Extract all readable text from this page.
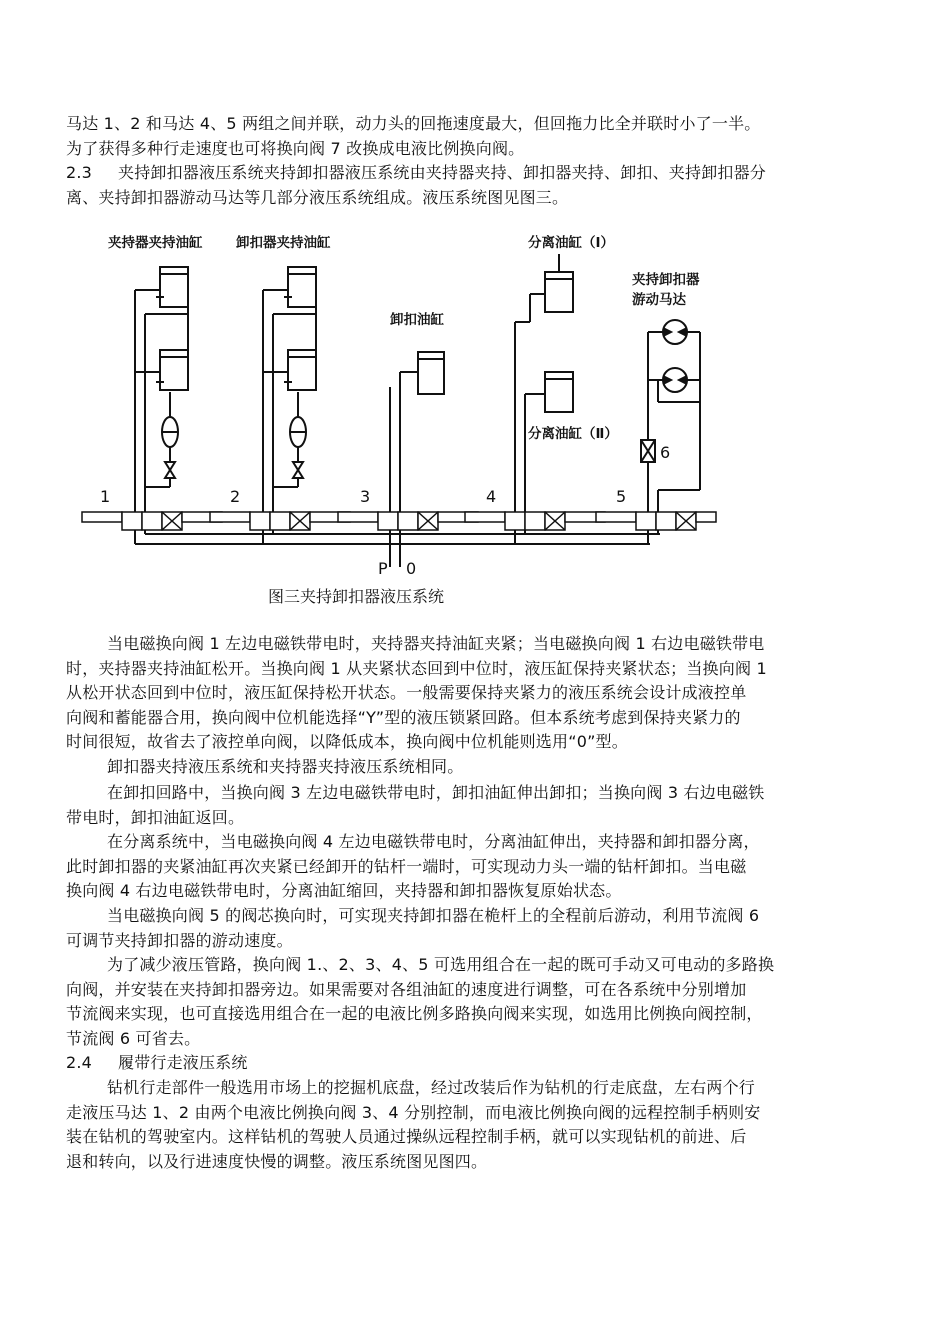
马达 1、2 和马达 4、5 两组之间并联，动力头的回拖速度最大，但回拖力比全并联时小了一半。
为了获得多种行走速度也可将换向阀 7 改换成电液比例换向阀。

2.3 夹持卸扣器液压系统夹持卸扣器液压系统由夹持器夹持、卸扣器夹持、卸扣、夹持卸扣器分
离、夹持卸扣器游动马达等几部分液压系统组成。液压系统图见图三。

夹持器夹持油缸 卸扣器夹持油缸
卸扣油缸
分离油缸（Ⅰ）
分离油缸（Ⅱ）
夹持卸扣器
游动马达
1	2	3	4	5
6
P 0

图三夹持卸扣器液压系统

当电磁换向阀 1 左边电磁铁带电时，夹持器夹持油缸夹紧；当电磁换向阀 1 右边电磁铁带电
时，夹持器夹持油缸松开。当换向阀 1 从夹紧状态回到中位时，液压缸保持夹紧状态；当换向阀 1
从松开状态回到中位时，液压缸保持松开状态。一般需要保持夹紧力的液压系统会设计成液控单
向阀和蓄能器合用，换向阀中位机能选择“Y”型的液压锁紧回路。但本系统考虑到保持夹紧力的
时间很短，故省去了液控单向阀，以降低成本，换向阀中位机能则选用“0”型。

卸扣器夹持液压系统和夹持器夹持液压系统相同。

在卸扣回路中，当换向阀 3 左边电磁铁带电时，卸扣油缸伸出卸扣；当换向阀 3 右边电磁铁
带电时，卸扣油缸返回。

在分离系统中，当电磁换向阀 4 左边电磁铁带电时，分离油缸伸出，夹持器和卸扣器分离，
此时卸扣器的夹紧油缸再次夹紧已经卸开的钻杆一端时，可实现动力头一端的钻杆卸扣。当电磁
换向阀 4 右边电磁铁带电时，分离油缸缩回，夹持器和卸扣器恢复原始状态。

当电磁换向阀 5 的阀芯换向时，可实现夹持卸扣器在桅杆上的全程前后游动，利用节流阀 6
可调节夹持卸扣器的游动速度。

为了减少液压管路，换向阀 1.、2、3、4、5 可选用组合在一起的既可手动又可电动的多路换
向阀，并安装在夹持卸扣器旁边。如果需要对各组油缸的速度进行调整，可在各系统中分别增加
节流阀来实现，也可直接选用组合在一起的电液比例多路换向阀来实现，如选用比例换向阀控制，
节流阀 6 可省去。

2.4 履带行走液压系统

钻机行走部件一般选用市场上的挖掘机底盘，经过改装后作为钻机的行走底盘，左右两个行
走液压马达 1、2 由两个电液比例换向阀 3、4 分别控制，而电液比例换向阀的远程控制手柄则安
装在钻机的驾驶室内。这样钻机的驾驶人员通过操纵远程控制手柄，就可以实现钻机的前进、后
退和转向，以及行进速度快慢的调整。液压系统图见图四。
